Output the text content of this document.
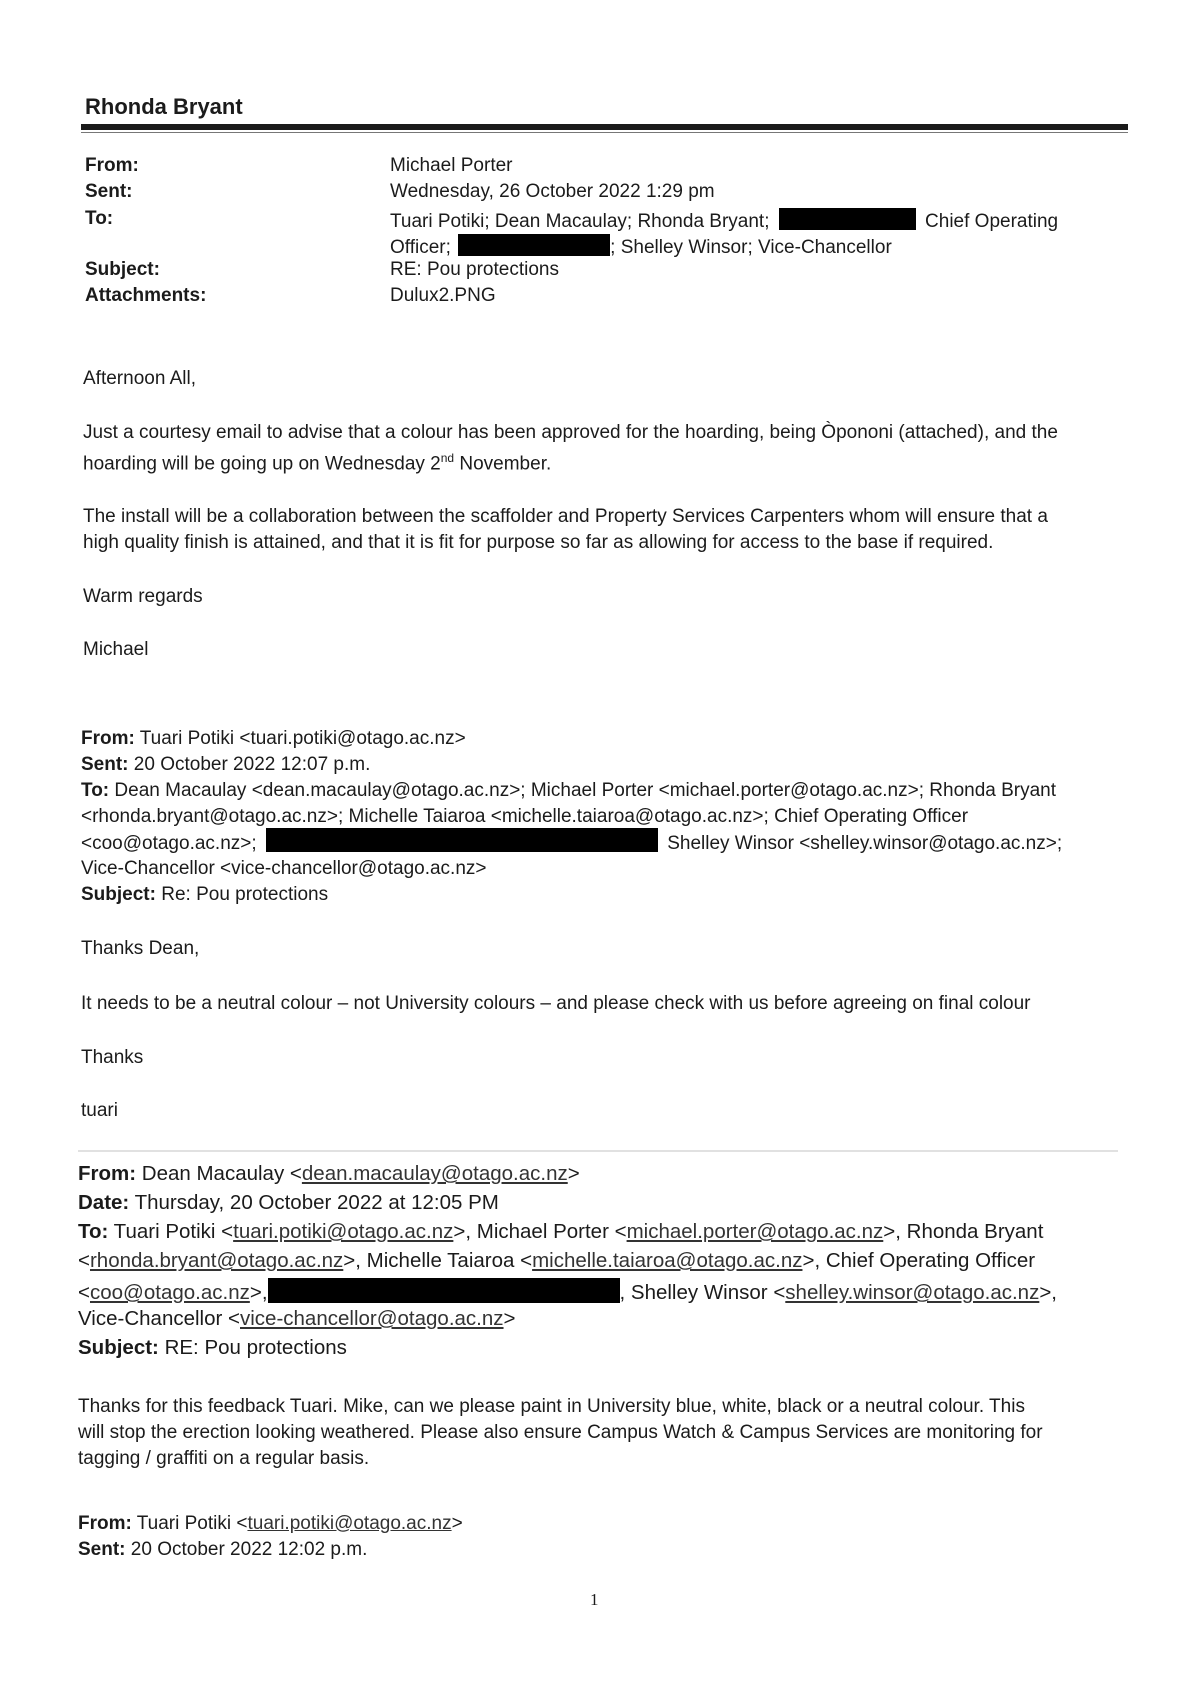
Rhonda Bryant
From:	Michael Porter
Sent:	Wednesday, 26 October 2022 1:29 pm
To:	Tuari Potiki; Dean Macaulay; Rhonda Bryant;	Chief Operating
Officer;	; Shelley Winsor; Vice-Chancellor
Subject:	RE: Pou protections
Attachments:	Dulux2.PNG
Afternoon All,
Just a courtesy email to advise that a colour has been approved for the hoarding, being Òpononi (attached), and the
hoarding will be going up on Wednesday 2nd November.
The install will be a collaboration between the scaffolder and Property Services Carpenters whom will ensure that a
high quality finish is attained, and that it is fit for purpose so far as allowing for access to the base if required.
Warm regards
Michael
From: Tuari Potiki <tuari.potiki@otago.ac.nz>
Sent: 20 October 2022 12:07 p.m.
To: Dean Macaulay <dean.macaulay@otago.ac.nz>; Michael Porter <michael.porter@otago.ac.nz>; Rhonda Bryant
<rhonda.bryant@otago.ac.nz>; Michelle Taiaroa <michelle.taiaroa@otago.ac.nz>; Chief Operating Officer
<coo@otago.ac.nz>;	Shelley Winsor <shelley.winsor@otago.ac.nz>;
Vice-Chancellor <vice-chancellor@otago.ac.nz>
Subject: Re: Pou protections
Thanks Dean,
It needs to be a neutral colour – not University colours – and please check with us before agreeing on final colour
Thanks
tuari
From: Dean Macaulay <dean.macaulay@otago.ac.nz>
Date: Thursday, 20 October 2022 at 12:05 PM
To: Tuari Potiki <tuari.potiki@otago.ac.nz>, Michael Porter <michael.porter@otago.ac.nz>, Rhonda Bryant
<rhonda.bryant@otago.ac.nz>, Michelle Taiaroa <michelle.taiaroa@otago.ac.nz>, Chief Operating Officer
<coo@otago.ac.nz>,	, Shelley Winsor <shelley.winsor@otago.ac.nz>,
Vice-Chancellor <vice-chancellor@otago.ac.nz>
Subject: RE: Pou protections
Thanks for this feedback Tuari. Mike, can we please paint in University blue, white, black or a neutral colour. This
will stop the erection looking weathered. Please also ensure Campus Watch & Campus Services are monitoring for
tagging / graffiti on a regular basis.
From: Tuari Potiki <tuari.potiki@otago.ac.nz>
Sent: 20 October 2022 12:02 p.m.
1
